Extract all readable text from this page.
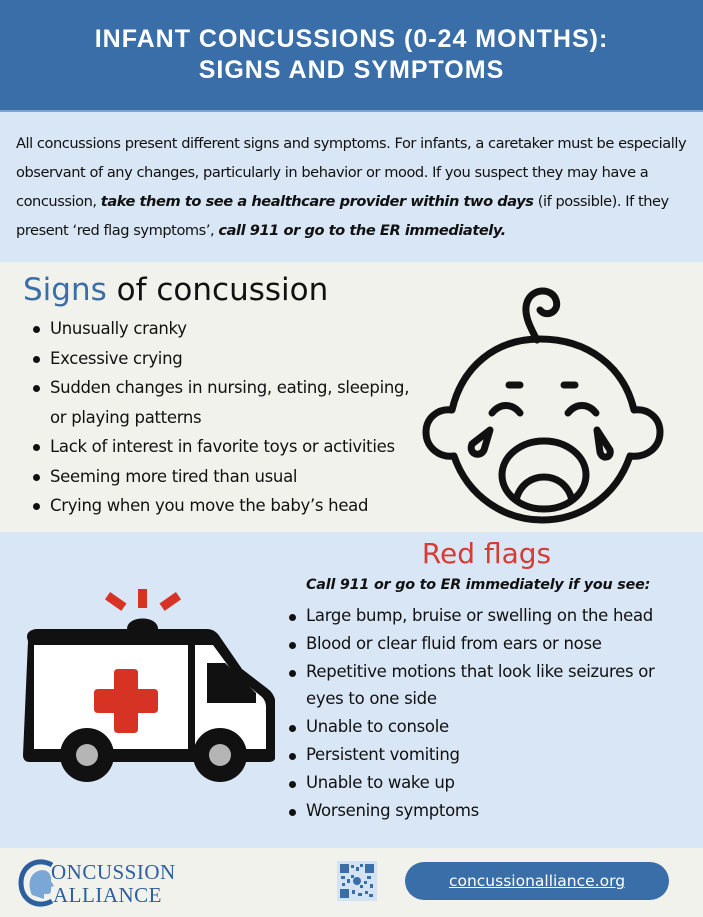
INFANT CONCUSSIONS (0-24 MONTHS):
SIGNS AND SYMPTOMS

All concussions present different signs and symptoms. For infants, a caretaker must be especially observant of any changes, particularly in behavior or mood. If you suspect they may have a concussion, take them to see a healthcare provider within two days (if possible). If they present ‘red flag symptoms’, call 911 or go to the ER immediately.

Signs of concussion
Unusually cranky
Excessive crying
Sudden changes in nursing, eating, sleeping, or playing patterns
Lack of interest in favorite toys or activities
Seeming more tired than usual
Crying when you move the baby’s head
Red flags
Call 911 or go to ER immediately if you see:
Large bump, bruise or swelling on the head
Blood or clear fluid from ears or nose
Repetitive motions that look like seizures or eyes to one side
Unable to console
Persistent vomiting
Unable to wake up
Worsening symptoms
ONCUSSION
ALLIANCE
concussionalliance.org
